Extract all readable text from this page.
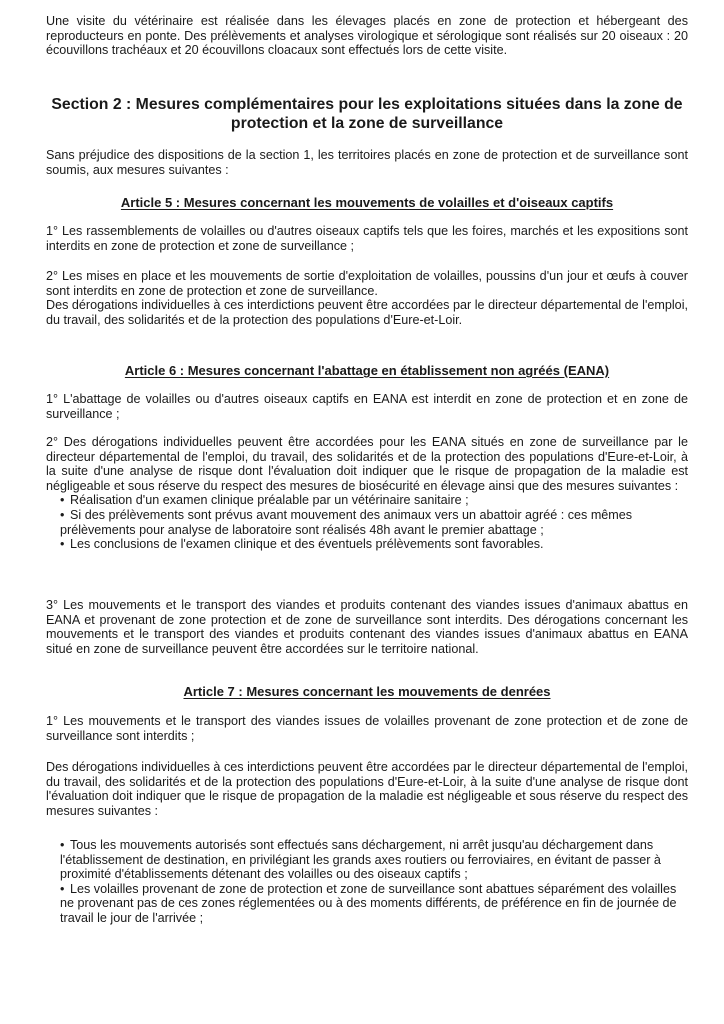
Une visite du vétérinaire est réalisée dans les élevages placés en zone de protection et hébergeant des reproducteurs en ponte. Des prélèvements et analyses virologique et sérologique sont réalisés sur 20 oiseaux : 20 écouvillons trachéaux et 20 écouvillons cloacaux sont effectués lors de cette visite.

Section 2 : Mesures complémentaires pour les exploitations situées dans la zone de protection et la zone de surveillance

Sans préjudice des dispositions de la section 1, les territoires placés en zone de protection et de surveillance sont soumis, aux mesures suivantes :

Article 5 : Mesures concernant les mouvements de volailles et d'oiseaux captifs

1° Les rassemblements de volailles ou d'autres oiseaux captifs tels que les foires, marchés et les expositions sont interdits en zone de protection et zone de surveillance ;

2° Les mises en place et les mouvements de sortie d'exploitation de volailles, poussins d'un jour et œufs à couver sont interdits en zone de protection et zone de surveillance.
Des dérogations individuelles à ces interdictions peuvent être accordées par le directeur départemental de l'emploi, du travail, des solidarités et de la protection des populations d'Eure-et-Loir.
Article 6 : Mesures concernant l'abattage en établissement non agréés (EANA)

1° L'abattage de volailles ou d'autres oiseaux captifs en EANA est interdit en zone de protection et en zone de surveillance ;

2° Des dérogations individuelles peuvent être accordées pour les EANA situés en zone de surveillance par le directeur départemental de l'emploi, du travail, des solidarités et de la protection des populations d'Eure-et-Loir, à la suite d'une analyse de risque dont l'évaluation doit indiquer que le risque de propagation de la maladie est négligeable et sous réserve du respect des mesures de biosécurité en élevage ainsi que des mesures suivantes :
• Réalisation d'un examen clinique préalable par un vétérinaire sanitaire ;
• Si des prélèvements sont prévus avant mouvement des animaux vers un abattoir agréé : ces mêmes prélèvements pour analyse de laboratoire sont réalisés 48h avant le premier abattage ;
• Les conclusions de l'examen clinique et des éventuels prélèvements sont favorables.

3° Les mouvements et le transport des viandes et produits contenant des viandes issues d'animaux abattus en EANA et provenant de zone protection et de zone de surveillance sont interdits. Des dérogations concernant les mouvements et le transport des viandes et produits contenant des viandes issues d'animaux abattus en EANA situé en zone de surveillance peuvent être accordées sur le territoire national.

Article 7 : Mesures concernant les mouvements de denrées

1° Les mouvements et le transport des viandes issues de volailles provenant de zone protection et de zone de surveillance sont interdits ;

Des dérogations individuelles à ces interdictions peuvent être accordées par le directeur départemental de l'emploi, du travail, des solidarités et de la protection des populations d'Eure-et-Loir, à la suite d'une analyse de risque dont l'évaluation doit indiquer que le risque de propagation de la maladie est négligeable et sous réserve du respect des mesures suivantes :

• Tous les mouvements autorisés sont effectués sans déchargement, ni arrêt jusqu'au déchargement dans l'établissement de destination, en privilégiant les grands axes routiers ou ferroviaires, en évitant de passer à proximité d'établissements détenant des volailles ou des oiseaux captifs ;
• Les volailles provenant de zone de protection et zone de surveillance sont abattues séparément des volailles ne provenant pas de ces zones réglementées ou à des moments différents, de préférence en fin de journée de travail le jour de l'arrivée ;
